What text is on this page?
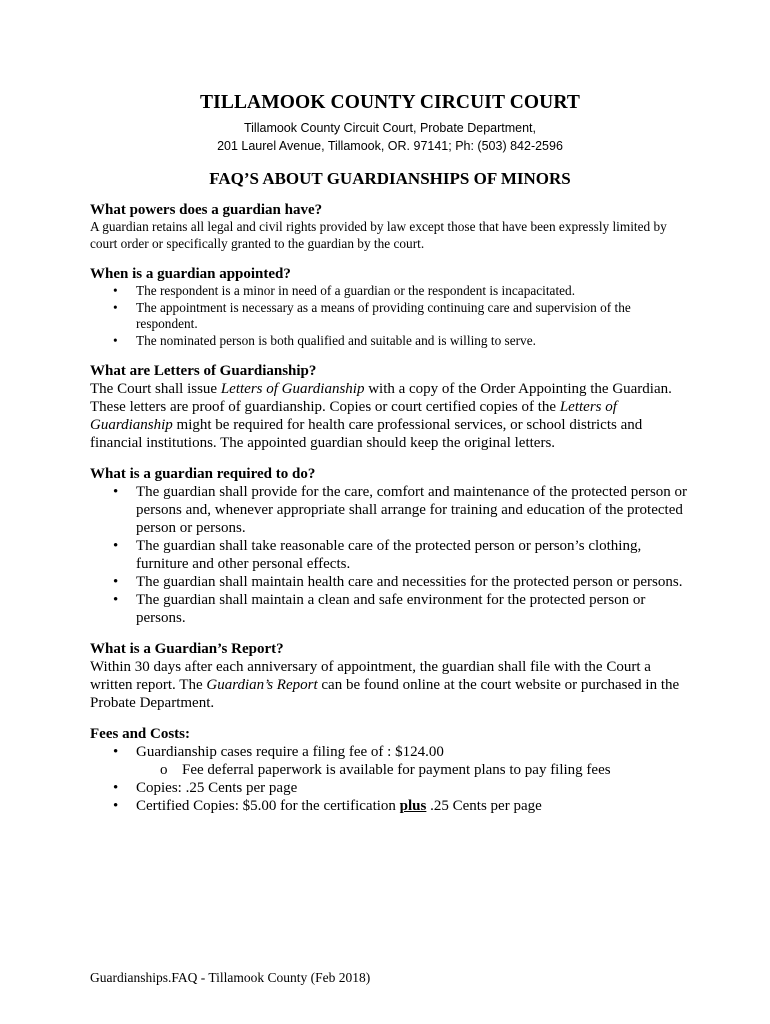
TILLAMOOK COUNTY CIRCUIT COURT
Tillamook County Circuit Court, Probate Department,
201 Laurel Avenue, Tillamook, OR. 97141; Ph: (503) 842-2596
FAQ’S ABOUT GUARDIANSHIPS OF MINORS
What powers does a guardian have?
A guardian retains all legal and civil rights provided by law except those that have been expressly limited by court order or specifically granted to the guardian by the court.
When is a guardian appointed?
• The respondent is a minor in need of a guardian or the respondent is incapacitated.
• The appointment is necessary as a means of providing continuing care and supervision of the respondent.
• The nominated person is both qualified and suitable and is willing to serve.
What are Letters of Guardianship?
The Court shall issue Letters of Guardianship with a copy of the Order Appointing the Guardian. These letters are proof of guardianship. Copies or court certified copies of the Letters of Guardianship might be required for health care professional services, or school districts and financial institutions. The appointed guardian should keep the original letters.
What is a guardian required to do?
• The guardian shall provide for the care, comfort and maintenance of the protected person or persons and, whenever appropriate shall arrange for training and education of the protected person or persons.
• The guardian shall take reasonable care of the protected person or person’s clothing, furniture and other personal effects.
• The guardian shall maintain health care and necessities for the protected person or persons.
• The guardian shall maintain a clean and safe environment for the protected person or persons.
What is a Guardian’s Report?
Within 30 days after each anniversary of appointment, the guardian shall file with the Court a written report. The Guardian’s Report can be found online at the court website or purchased in the Probate Department.
Fees and Costs:
• Guardianship cases require a filing fee of : $124.00
o Fee deferral paperwork is available for payment plans to pay filing fees
• Copies: .25 Cents per page
• Certified Copies: $5.00 for the certification plus .25 Cents per page
Guardianships.FAQ - Tillamook County (Feb 2018)
